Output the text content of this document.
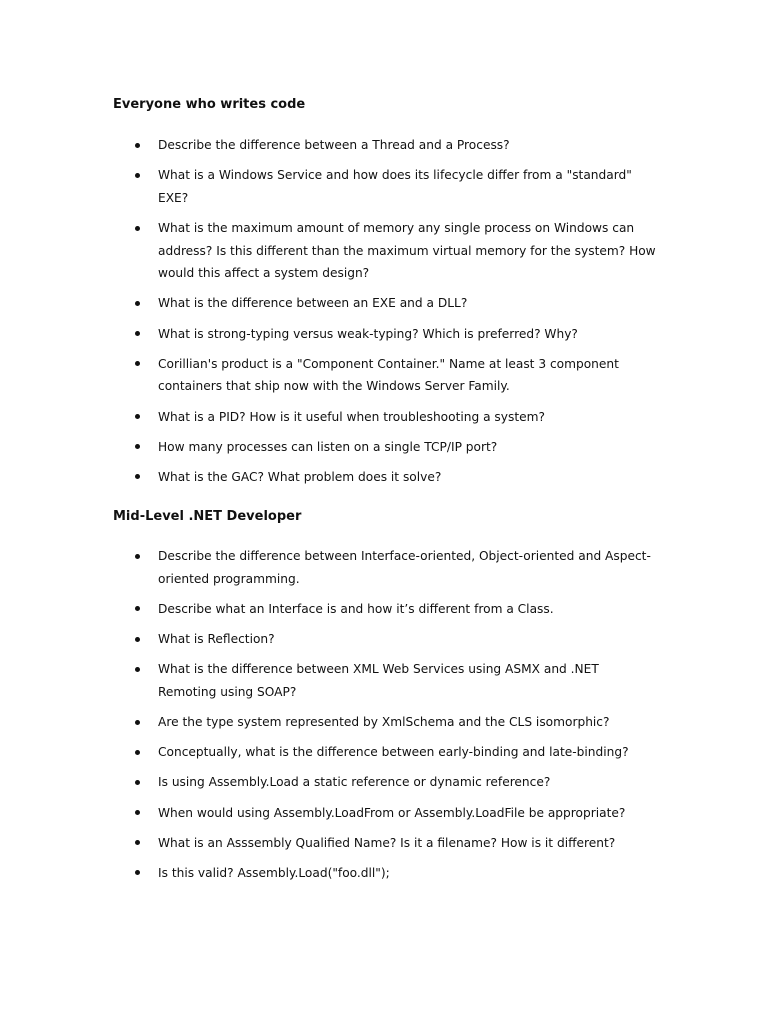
Everyone who writes code
Describe the difference between a Thread and a Process?
What is a Windows Service and how does its lifecycle differ from a "standard" EXE?
What is the maximum amount of memory any single process on Windows can address? Is this different than the maximum virtual memory for the system? How would this affect a system design?
What is the difference between an EXE and a DLL?
What is strong-typing versus weak-typing? Which is preferred? Why?
Corillian's product is a "Component Container." Name at least 3 component containers that ship now with the Windows Server Family.
What is a PID? How is it useful when troubleshooting a system?
How many processes can listen on a single TCP/IP port?
What is the GAC? What problem does it solve?
Mid-Level .NET Developer
Describe the difference between Interface-oriented, Object-oriented and Aspect-oriented programming.
Describe what an Interface is and how it’s different from a Class.
What is Reflection?
What is the difference between XML Web Services using ASMX and .NET Remoting using SOAP?
Are the type system represented by XmlSchema and the CLS isomorphic?
Conceptually, what is the difference between early-binding and late-binding?
Is using Assembly.Load a static reference or dynamic reference?
When would using Assembly.LoadFrom or Assembly.LoadFile be appropriate?
What is an Asssembly Qualified Name? Is it a filename? How is it different?
Is this valid? Assembly.Load("foo.dll");
